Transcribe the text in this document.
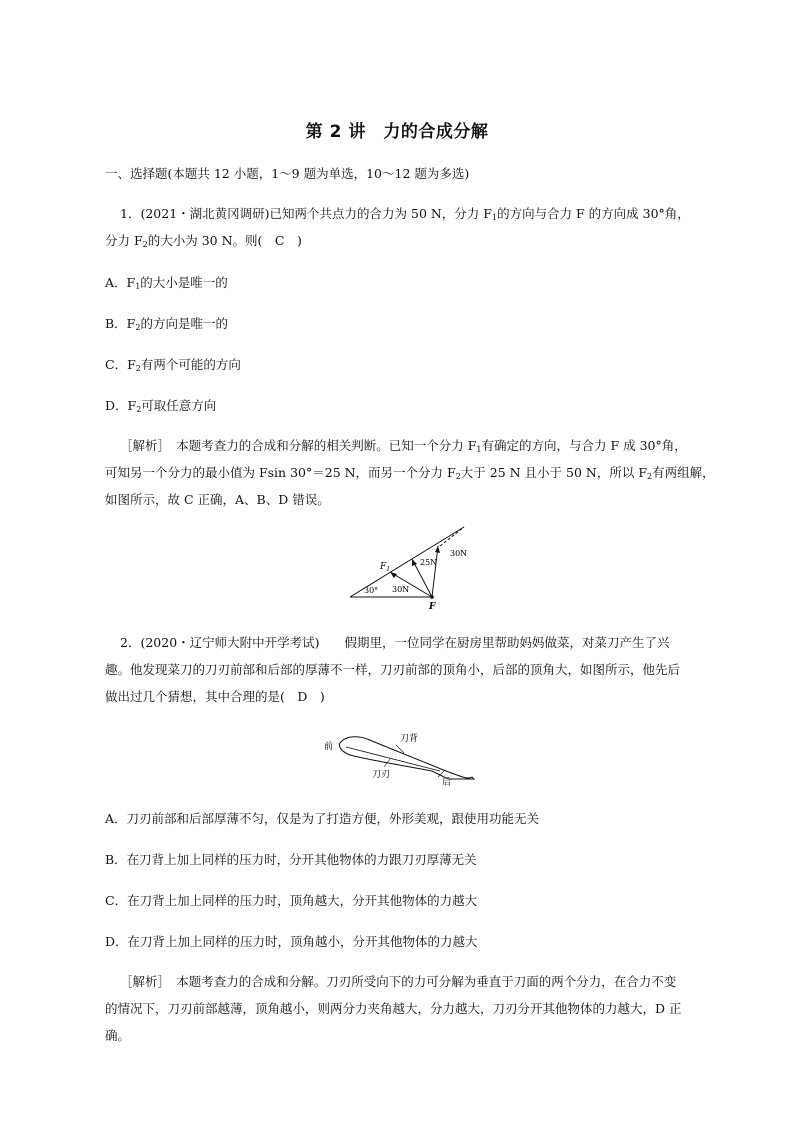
第 2 讲　力的合成分解
一、选择题(本题共 12 小题，1～9 题为单选，10～12 题为多选)
1．(2021・湖北黄冈调研)已知两个共点力的合力为 50 N，分力 $F_1$的方向与合力 F 的方向成 30°角，
分力 $F_2$的大小为 30 N。则(　C　)
A．$F_1$的大小是唯一的
B．$F_2$的方向是唯一的
C．$F_2$有两个可能的方向
D．$F_2$可取任意方向
［解析］　本题考查力的合成和分解的相关判断。已知一个分力 $F_1$有确定的方向，与合力 F 成 30°角，
可知另一个分力的最小值为 Fsin 30°＝25 N，而另一个分力 $F_2$大于 25 N 且小于 50 N，所以 $F_2$有两组解，
如图所示，故 C 正确，A、B、D 错误。
$F_1$
25N
30N
30N
30°
F
2．(2020・辽宁师大附中开学考试)　　假期里，一位同学在厨房里帮助妈妈做菜，对菜刀产生了兴
趣。他发现菜刀的刀刃前部和后部的厚薄不一样，刀刃前部的顶角小，后部的顶角大，如图所示，他先后
做出过几个猜想，其中合理的是(　D　)
前
刀背
刀刃
后
A．刀刃前部和后部厚薄不匀，仅是为了打造方便，外形美观，跟使用功能无关
B．在刀背上加上同样的压力时，分开其他物体的力跟刀刃厚薄无关
C．在刀背上加上同样的压力时，顶角越大，分开其他物体的力越大
D．在刀背上加上同样的压力时，顶角越小，分开其他物体的力越大
［解析］　本题考查力的合成和分解。刀刃所受向下的力可分解为垂直于刀面的两个分力，在合力不变
的情况下，刀刃前部越薄，顶角越小，则两分力夹角越大，分力越大，刀刃分开其他物体的力越大，D 正
确。
